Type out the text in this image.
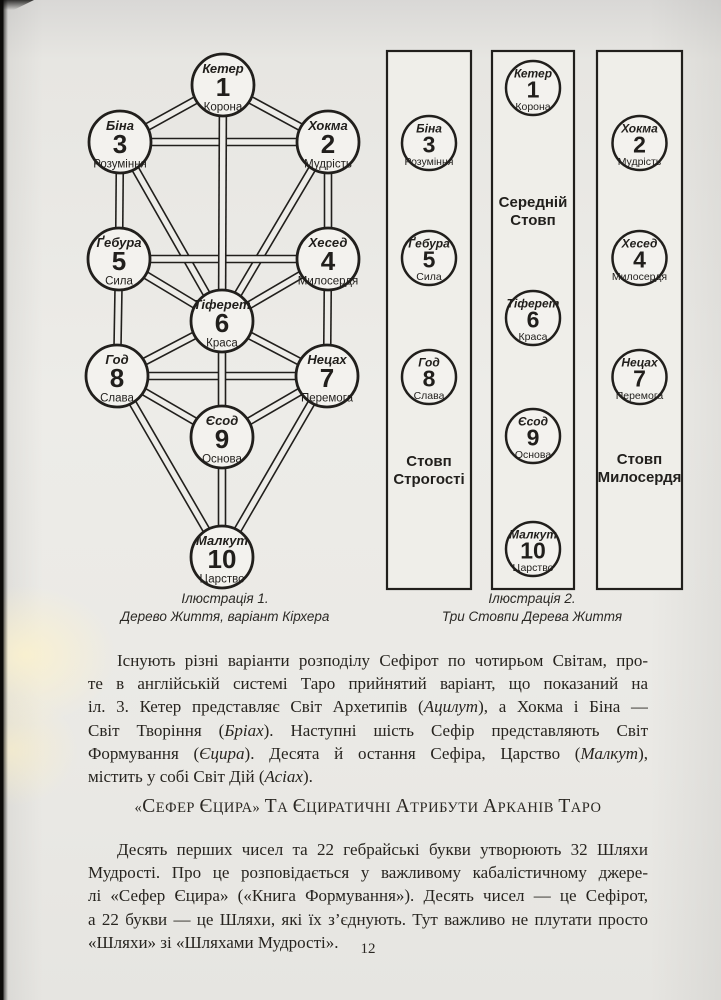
Кетер
1
Корона
Хокма
2
Мудрість
Біна
3
Розуміння
Хесед
4
Милосердя
Ґебура
5
Сила
Тіферет
6
Краса
Нецах
7
Перемога
Год
8
Слава
Єсод
9
Основа
Малкут
10
Царство
Стовп
Строгості
Біна
3
Розуміння
Ґебура
5
Сила
Год
8
Слава
Середній
Стовп
Кетер
1
Корона
Тіферет
6
Краса
Єсод
9
Основа
Малкут
10
Царство
Стовп
Милосердя
Хокма
2
Мудрість
Хесед
4
Милосердя
Нецах
7
Перемога
Ілюстрація 1.
Дерево Життя, варіант Кірхера
Ілюстрація 2.
Три Стовпи Дерева Життя
Існують різні варіанти розподілу Сефірот по чотирьом Світам, про-
те в англійській системі Таро прийнятий варіант, що показаний на
іл. 3. Кетер представляє Світ Архетипів (Ацилут), а Хокма і Біна —
Світ Творіння (Бріах). Наступні шість Сефір представляють Світ
Формування (Єцира). Десята й остання Сефіра, Царство (Малкут),
містить у собі Світ Дій (Асіах).
«СЕФЕР ЄЦИРА» ТА ЄЦИРАТИЧНІ АТРИБУТИ АРКАНІВ ТАРО
Десять перших чисел та 22 гебрайські букви утворюють 32 Шляхи
Мудрості. Про це розповідається у важливому кабалістичному джере-
лі «Сефер Єцира» («Книга Формування»). Десять чисел — це Сефірот,
а 22 букви — це Шляхи, які їх з’єднують. Тут важливо не плутати просто
«Шляхи» зі «Шляхами Мудрості».	12
